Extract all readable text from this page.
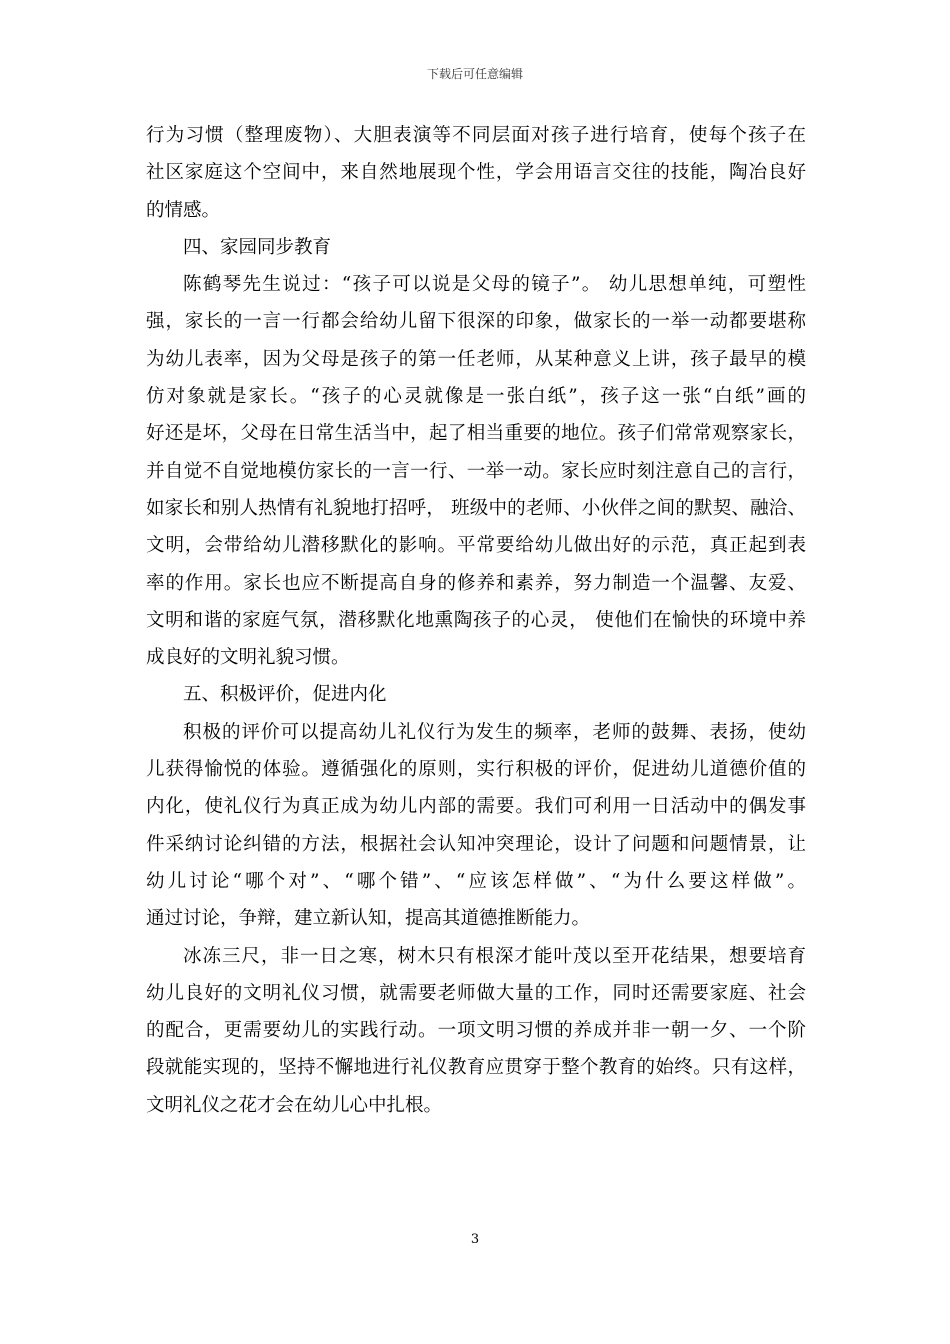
下载后可任意编辑
行为习惯（整理废物）、大胆表演等不同层面对孩子进行培育，使每个孩子在
社区家庭这个空间中，来自然地展现个性，学会用语言交往的技能，陶冶良好
的情感。
四、家园同步教育
陈鹤琴先生说过：“孩子可以说是父母的镜子”。 幼儿思想单纯，可塑性
强，家长的一言一行都会给幼儿留下很深的印象，做家长的一举一动都要堪称
为幼儿表率，因为父母是孩子的第一任老师，从某种意义上讲，孩子最早的模
仿对象就是家长。“孩子的心灵就像是一张白纸”，孩子这一张“白纸”画的
好还是坏，父母在日常生活当中，起了相当重要的地位。孩子们常常观察家长，
并自觉不自觉地模仿家长的一言一行、一举一动。家长应时刻注意自己的言行，
如家长和别人热情有礼貌地打招呼， 班级中的老师、小伙伴之间的默契、融洽、
文明，会带给幼儿潜移默化的影响。平常要给幼儿做出好的示范，真正起到表
率的作用。家长也应不断提高自身的修养和素养，努力制造一个温馨、友爱、
文明和谐的家庭气氛，潜移默化地熏陶孩子的心灵， 使他们在愉快的环境中养
成良好的文明礼貌习惯。
五、积极评价，促进内化
积极的评价可以提高幼儿礼仪行为发生的频率，老师的鼓舞、表扬，使幼
儿获得愉悦的体验。遵循强化的原则，实行积极的评价，促进幼儿道德价值的
内化，使礼仪行为真正成为幼儿内部的需要。我们可利用一日活动中的偶发事
件采纳讨论纠错的方法，根据社会认知冲突理论，设计了问题和问题情景，让
幼儿讨论“哪个对”、“哪个错”、“应该怎样做”、“为什么要这样做”。
通过讨论，争辩，建立新认知，提高其道德推断能力。
冰冻三尺，非一日之寒，树木只有根深才能叶茂以至开花结果，想要培育
幼儿良好的文明礼仪习惯，就需要老师做大量的工作，同时还需要家庭、社会
的配合，更需要幼儿的实践行动。一项文明习惯的养成并非一朝一夕、一个阶
段就能实现的，坚持不懈地进行礼仪教育应贯穿于整个教育的始终。只有这样，
文明礼仪之花才会在幼儿心中扎根。
3
